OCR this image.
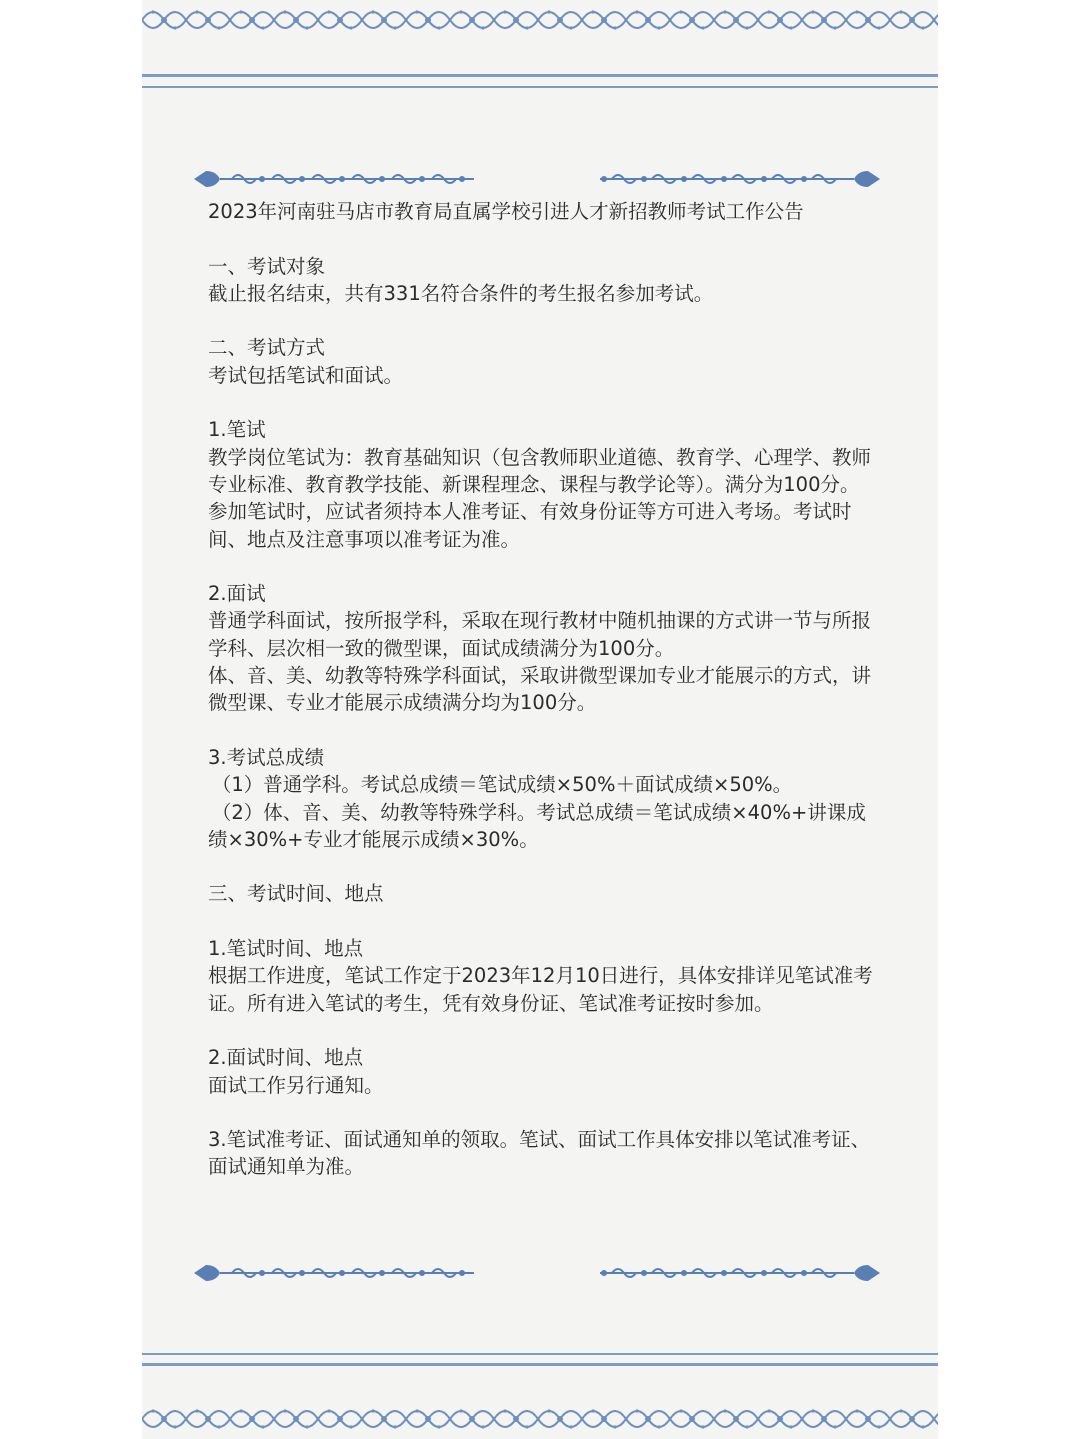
2023年河南驻马店市教育局直属学校引进人才新招教师考试工作公告

一、考试对象

截止报名结束，共有331名符合条件的考生报名参加考试。

二、考试方式

考试包括笔试和面试。

1.笔试

教学岗位笔试为：教育基础知识（包含教师职业道德、教育学、心理学、教师专业标准、教育教学技能、新课程理念、课程与教学论等）。满分为100分。

参加笔试时，应试者须持本人准考证、有效身份证等方可进入考场。考试时间、地点及注意事项以准考证为准。

2.面试

普通学科面试，按所报学科，采取在现行教材中随机抽课的方式讲一节与所报学科、层次相一致的微型课，面试成绩满分为100分。

体、音、美、幼教等特殊学科面试，采取讲微型课加专业才能展示的方式，讲微型课、专业才能展示成绩满分均为100分。

3.考试总成绩

（1）普通学科。考试总成绩＝笔试成绩×50%＋面试成绩×50%。

（2）体、音、美、幼教等特殊学科。考试总成绩＝笔试成绩×40%+讲课成绩×30%+专业才能展示成绩×30%。

三、考试时间、地点

1.笔试时间、地点

根据工作进度，笔试工作定于2023年12月10日进行，具体安排详见笔试准考证。所有进入笔试的考生，凭有效身份证、笔试准考证按时参加。

2.面试时间、地点

面试工作另行通知。

3.笔试准考证、面试通知单的领取。笔试、面试工作具体安排以笔试准考证、面试通知单为准。
